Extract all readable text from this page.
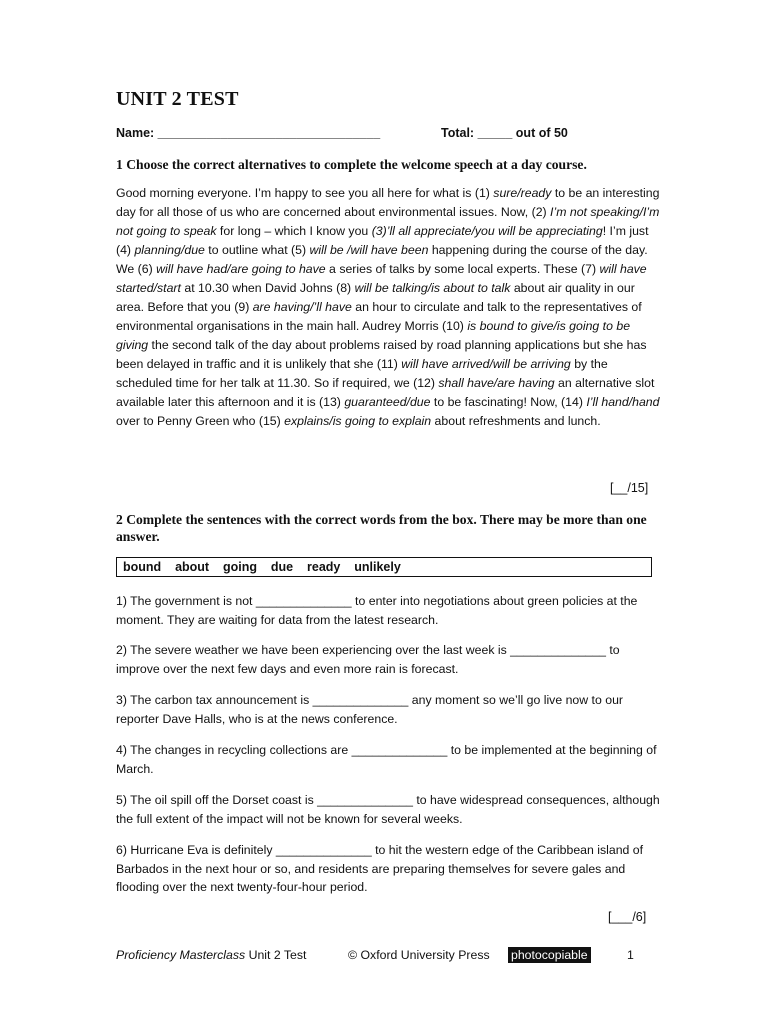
UNIT 2 TEST
Name: ________________________________	Total: _____ out of 50
1 Choose the correct alternatives to complete the welcome speech at a day course.
Good morning everyone. I’m happy to see you all here for what is (1) sure/ready to be an interesting day for all those of us who are concerned about environmental issues. Now, (2) I’m not speaking/I’m not going to speak for long – which I know you (3)’ll all appreciate/you will be appreciating! I’m just (4) planning/due to outline what (5) will be /will have been happening during the course of the day. We (6) will have had/are going to have a series of talks by some local experts. These (7) will have started/start at 10.30 when David Johns (8) will be talking/is about to talk about air quality in our area. Before that you (9) are having/’ll have an hour to circulate and talk to the representatives of environmental organisations in the main hall. Audrey Morris (10) is bound to give/is going to be giving the second talk of the day about problems raised by road planning applications but she has been delayed in traffic and it is unlikely that she (11) will have arrived/will be arriving by the scheduled time for her talk at 11.30. So if required, we (12) shall have/are having an alternative slot available later this afternoon and it is (13) guaranteed/due to be fascinating! Now, (14) I’ll hand/hand over to Penny Green who (15) explains/is going to explain about refreshments and lunch.
[__/15]
2 Complete the sentences with the correct words from the box. There may be more than one answer.
bound    about    going    due    ready    unlikely
1) The government is not ______________ to enter into negotiations about green policies at the moment. They are waiting for data from the latest research.
2) The severe weather we have been experiencing over the last week is ______________ to improve over the next few days and even more rain is forecast.
3) The carbon tax announcement is ______________ any moment so we’ll go live now to our reporter Dave Halls, who is at the news conference.
4) The changes in recycling collections are ______________ to be implemented at the beginning of March.
5) The oil spill off the Dorset coast is ______________ to have widespread consequences, although the full extent of the impact will not be known for several weeks.
6) Hurricane Eva is definitely ______________ to hit the western edge of the Caribbean island of Barbados in the next hour or so, and residents are preparing themselves for severe gales and flooding over the next twenty-four-hour period.
[___/6]
Proficiency Masterclass Unit 2 Test	© Oxford University Press photocopiable	1
